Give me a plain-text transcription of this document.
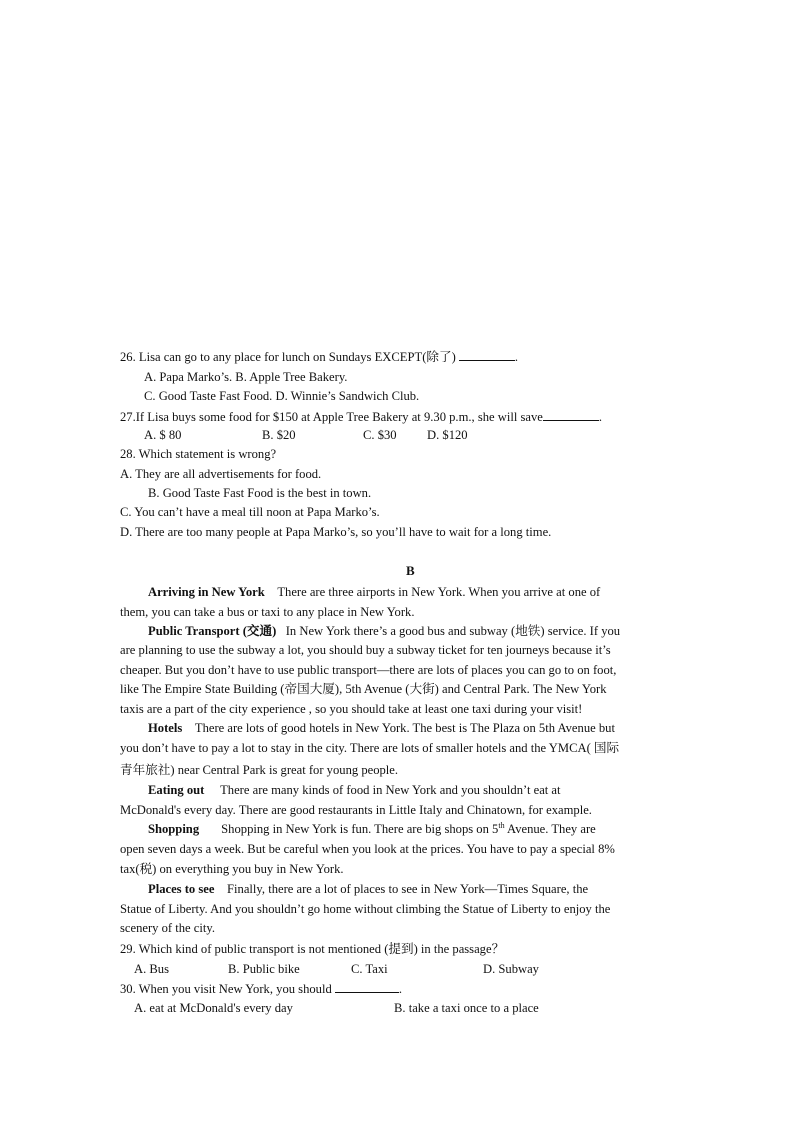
26. Lisa can go to any place for lunch on Sundays EXCEPT(除了)	.
A. Papa Marko’s. B. Apple Tree Bakery.
C. Good Taste Fast Food. D. Winnie’s Sandwich Club.
27.If Lisa buys some food for $150 at Apple Tree Bakery at 9.30 p.m., she will save	.
A. $ 80	B. $20	C. $30 D. $120
28. Which statement is wrong?
A. They are all advertisements for food.
B. Good Taste Fast Food is the best in town.
C. You can’t have a meal till noon at Papa Marko’s.
D. There are too many people at Papa Marko’s, so you’ll have to wait for a long time.
B
Arriving in New York There are three airports in New York. When you arrive at one of
them, you can take a bus or taxi to any place in New York.
Public Transport (交通) In New York there’s a good bus and subway (地铁) service. If you
are planning to use the subway a lot, you should buy a subway ticket for ten journeys because it’s
cheaper. But you don’t have to use public transport—there are lots of places you can go to on foot,
like The Empire State Building (帝国大厦), 5th Avenue (大街) and Central Park. The New York
taxis are a part of the city experience , so you should take at least one taxi during your visit!
Hotels There are lots of good hotels in New York. The best is The Plaza on 5th Avenue but
you don’t have to pay a lot to stay in the city. There are lots of smaller hotels and the YMCA( 国际
青年旅社) near Central Park is great for young people.
Eating out There are many kinds of food in New York and you shouldn’t eat at
McDonald's every day. There are good restaurants in Little Italy and Chinatown, for example.
Shopping Shopping in New York is fun. There are big shops on 5th Avenue. They are
open seven days a week. But be careful when you look at the prices. You have to pay a special 8%
tax(税) on everything you buy in New York.
Places to see Finally, there are a lot of places to see in New York—Times Square, the
Statue of Liberty. And you shouldn’t go home without climbing the Statue of Liberty to enjoy the
scenery of the city.
29. Which kind of public transport is not mentioned (提到) in the passage？
A. Bus	B. Public bike	C. Taxi	D. Subway
30. When you visit New York, you should	.
A. eat at McDonald's every day	B. take a taxi once to a place
